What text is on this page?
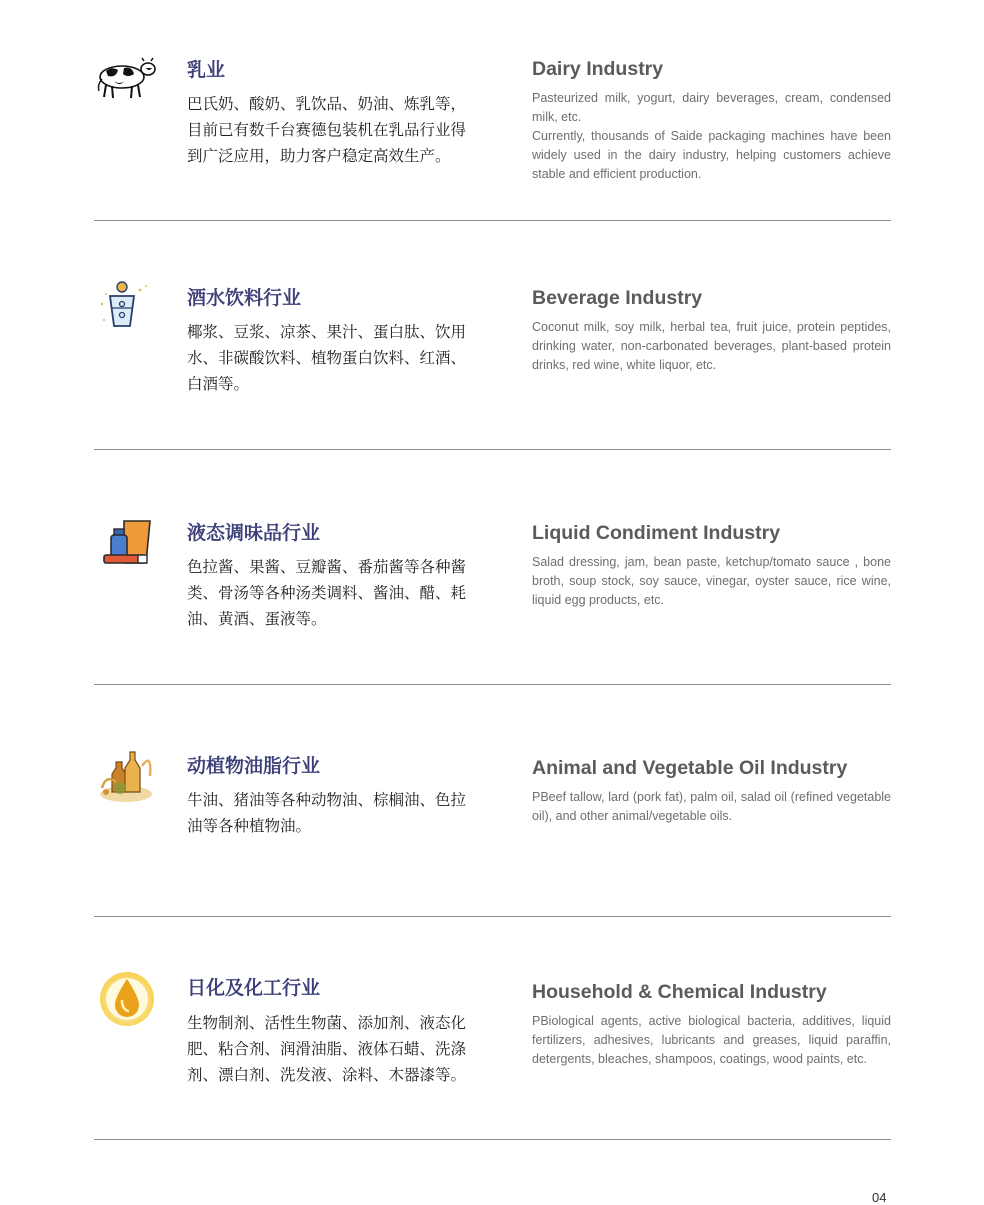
乳业

巴氏奶、酸奶、乳饮品、奶油、炼乳等，目前已有数千台赛德包装机在乳品行业得到广泛应用，助力客户稳定高效生产。

Dairy Industry

Pasteurized milk, yogurt, dairy beverages, cream, condensed milk, etc.

Currently, thousands of Saide packaging machines have been widely used in the dairy industry, helping customers achieve stable and efficient production.

酒水饮料行业

椰浆、豆浆、凉茶、果汁、蛋白肽、饮用水、非碳酸饮料、植物蛋白饮料、红酒、白酒等。

Beverage Industry

Coconut milk, soy milk, herbal tea, fruit juice, protein peptides, drinking water, non-carbonated beverages, plant-based protein drinks, red wine, white liquor, etc.

液态调味品行业

色拉酱、果酱、豆瓣酱、番茄酱等各种酱类、骨汤等各种汤类调料、酱油、醋、耗油、黄酒、蛋液等。

Liquid Condiment Industry

Salad dressing, jam, bean paste, ketchup/tomato sauce , bone broth, soup stock, soy sauce, vinegar, oyster sauce, rice wine, liquid egg products, etc.

动植物油脂行业

牛油、猪油等各种动物油、棕榈油、色拉油等各种植物油。

Animal and Vegetable Oil Industry

PBeef tallow, lard (pork fat), palm oil, salad oil (refined vegetable oil), and other animal/vegetable oils.

日化及化工行业

生物制剂、活性生物菌、添加剂、液态化肥、粘合剂、润滑油脂、液体石蜡、洗涤剂、漂白剂、洗发液、涂料、木器漆等。

Household & Chemical Industry

PBiological agents, active biological bacteria, additives, liquid fertilizers, adhesives, lubricants and greases, liquid paraffin, detergents, bleaches, shampoos, coatings, wood paints, etc.

04
